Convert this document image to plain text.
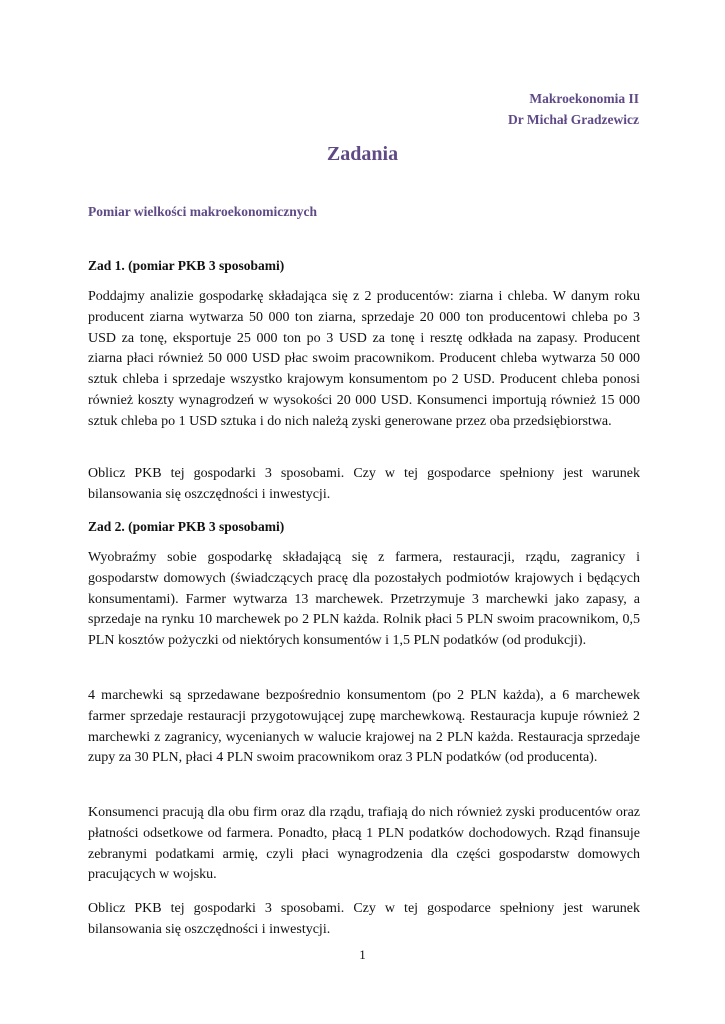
Makroekonomia II
Dr Michał Gradzewicz
Zadania
Pomiar wielkości makroekonomicznych
Zad 1. (pomiar PKB 3 sposobami)
Poddajmy analizie gospodarkę składająca się z 2 producentów: ziarna i chleba. W danym roku producent ziarna wytwarza 50 000 ton ziarna, sprzedaje 20 000 ton producentowi chleba po 3 USD za tonę, eksportuje 25 000 ton po 3 USD za tonę i resztę odkłada na zapasy. Producent ziarna płaci również 50 000 USD płac swoim pracownikom. Producent chleba wytwarza 50 000 sztuk chleba i sprzedaje wszystko krajowym konsumentom po 2 USD. Producent chleba ponosi również koszty wynagrodzeń w wysokości 20 000 USD. Konsumenci importują również 15 000 sztuk chleba po 1 USD sztuka i do nich należą zyski generowane przez oba przedsiębiorstwa.
Oblicz PKB tej gospodarki 3 sposobami. Czy w tej gospodarce spełniony jest warunek bilansowania się oszczędności i inwestycji.
Zad 2. (pomiar PKB 3 sposobami)
Wyobraźmy sobie gospodarkę składającą się z farmera, restauracji, rządu, zagranicy i gospodarstw domowych (świadczących pracę dla pozostałych podmiotów krajowych i będących konsumentami). Farmer wytwarza 13 marchewek. Przetrzymuje 3 marchewki jako zapasy, a sprzedaje na rynku 10 marchewek po 2 PLN każda. Rolnik płaci 5 PLN swoim pracownikom, 0,5 PLN kosztów pożyczki od niektórych konsumentów i 1,5 PLN podatków (od produkcji).
4 marchewki są sprzedawane bezpośrednio konsumentom (po 2 PLN każda), a 6 marchewek farmer sprzedaje restauracji przygotowującej zupę marchewkową. Restauracja kupuje również 2 marchewki z zagranicy, wycenianych w walucie krajowej na 2 PLN każda. Restauracja sprzedaje zupy za 30 PLN, płaci 4 PLN swoim pracownikom oraz 3 PLN podatków (od producenta).
Konsumenci pracują dla obu firm oraz dla rządu, trafiają do nich również zyski producentów oraz płatności odsetkowe od farmera. Ponadto, płacą 1 PLN podatków dochodowych. Rząd finansuje zebranymi podatkami armię, czyli płaci wynagrodzenia dla części gospodarstw domowych pracujących w wojsku.
Oblicz PKB tej gospodarki 3 sposobami. Czy w tej gospodarce spełniony jest warunek bilansowania się oszczędności i inwestycji.
1
